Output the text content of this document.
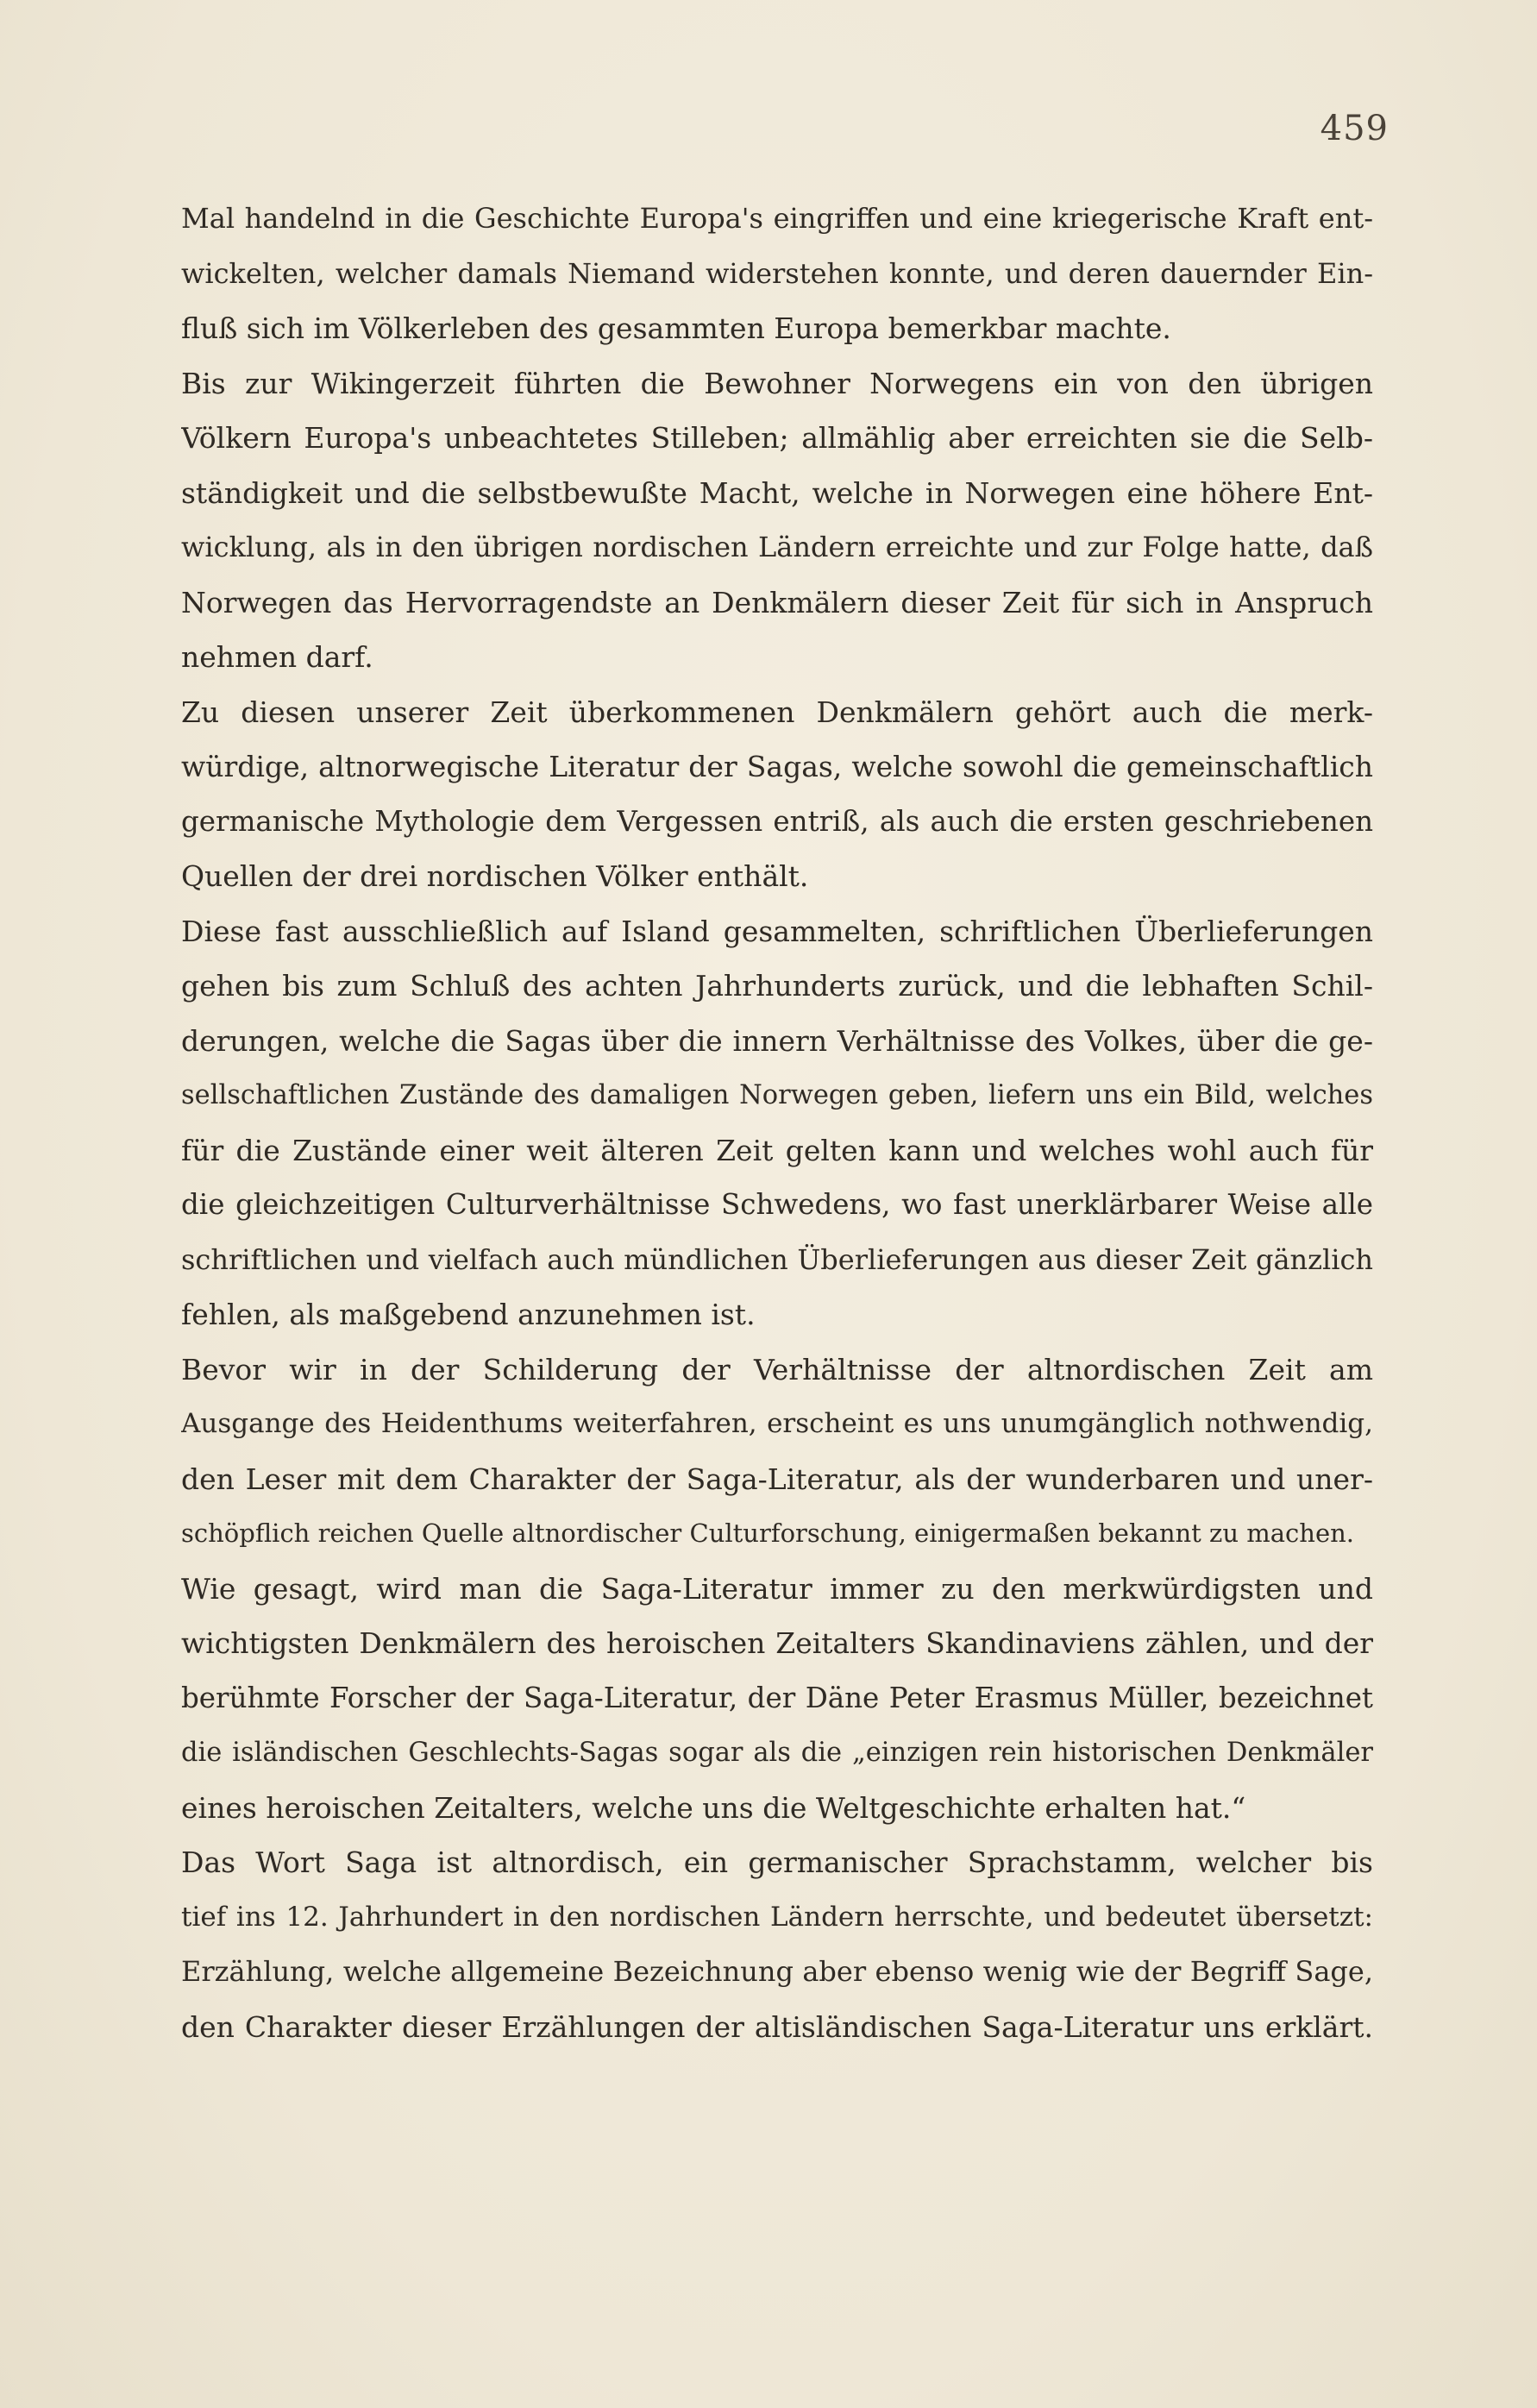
459
Mal handelnd in die Geschichte Europa's eingriffen und eine kriegerische Kraft ent-
wickelten, welcher damals Niemand widerstehen konnte, und deren dauernder Ein-
fluß sich im Völkerleben des gesammten Europa bemerkbar machte.
Bis zur Wikingerzeit führten die Bewohner Norwegens ein von den übrigen
Völkern Europa's unbeachtetes Stilleben; allmählig aber erreichten sie die Selb-
ständigkeit und die selbstbewußte Macht, welche in Norwegen eine höhere Ent-
wicklung, als in den übrigen nordischen Ländern erreichte und zur Folge hatte, daß
Norwegen das Hervorragendste an Denkmälern dieser Zeit für sich in Anspruch
nehmen darf.
Zu diesen unserer Zeit überkommenen Denkmälern gehört auch die merk-
würdige, altnorwegische Literatur der Sagas, welche sowohl die gemeinschaftlich
germanische Mythologie dem Vergessen entriß, als auch die ersten geschriebenen
Quellen der drei nordischen Völker enthält.
Diese fast ausschließlich auf Island gesammelten, schriftlichen Überlieferungen
gehen bis zum Schluß des achten Jahrhunderts zurück, und die lebhaften Schil-
derungen, welche die Sagas über die innern Verhältnisse des Volkes, über die ge-
sellschaftlichen Zustände des damaligen Norwegen geben, liefern uns ein Bild, welches
für die Zustände einer weit älteren Zeit gelten kann und welches wohl auch für
die gleichzeitigen Culturverhältnisse Schwedens, wo fast unerklärbarer Weise alle
schriftlichen und vielfach auch mündlichen Überlieferungen aus dieser Zeit gänzlich
fehlen, als maßgebend anzunehmen ist.
Bevor wir in der Schilderung der Verhältnisse der altnordischen Zeit am
Ausgange des Heidenthums weiterfahren, erscheint es uns unumgänglich nothwendig,
den Leser mit dem Charakter der Saga-Literatur, als der wunderbaren und uner-
schöpflich reichen Quelle altnordischer Culturforschung, einigermaßen bekannt zu machen.
Wie gesagt, wird man die Saga-Literatur immer zu den merkwürdigsten und
wichtigsten Denkmälern des heroischen Zeitalters Skandinaviens zählen, und der
berühmte Forscher der Saga-Literatur, der Däne Peter Erasmus Müller, bezeichnet
die isländischen Geschlechts-Sagas sogar als die „einzigen rein historischen Denkmäler
eines heroischen Zeitalters, welche uns die Weltgeschichte erhalten hat.“
Das Wort Saga ist altnordisch, ein germanischer Sprachstamm, welcher bis
tief ins 12. Jahrhundert in den nordischen Ländern herrschte, und bedeutet übersetzt:
Erzählung, welche allgemeine Bezeichnung aber ebenso wenig wie der Begriff Sage,
den Charakter dieser Erzählungen der altisländischen Saga-Literatur uns erklärt.
